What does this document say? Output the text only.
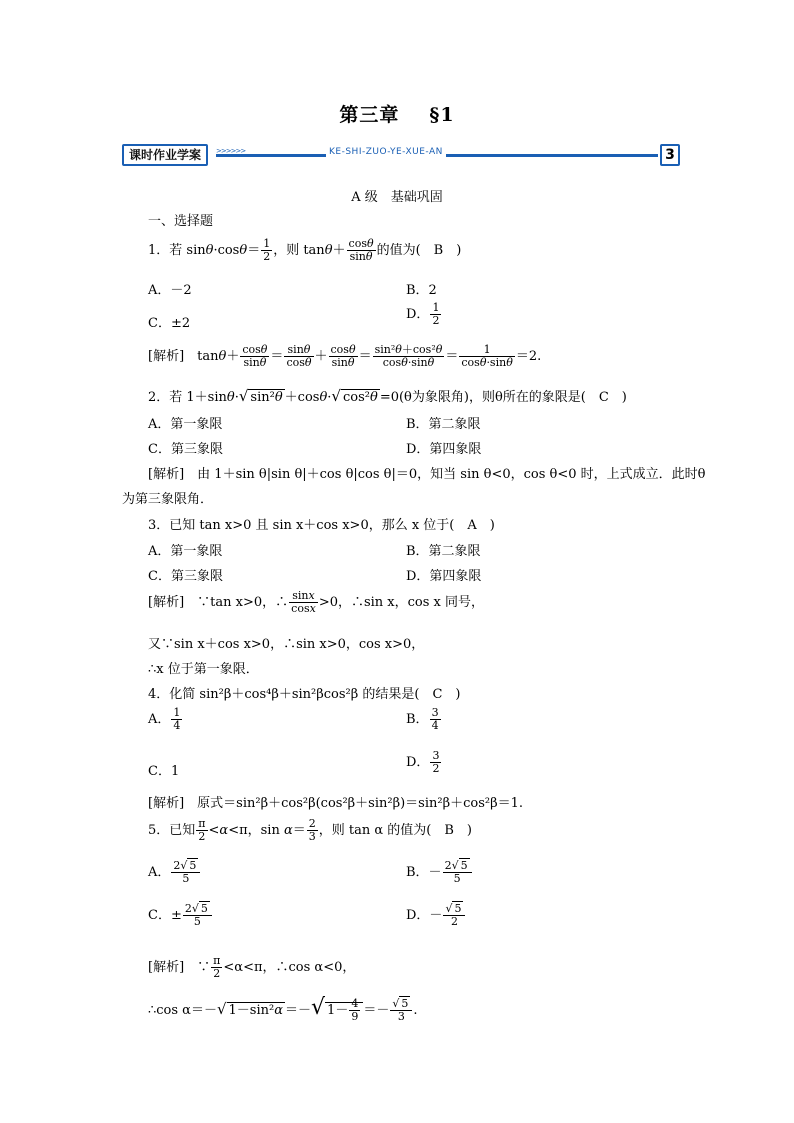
第三章 §1
课时作业学案	>>>>>>	KE-SHI-ZUO-YE-XUE-AN	3
A 级　基础巩固
一、选择题
1．若 $\sin\theta\cdot\cos\theta= \frac{1}{2}$ ，则 $\tan\theta+ \frac{\cos\theta}{\sin\theta}$ 的值为(　B　)
A．－2	B．2
C．±2
D． $\frac{1}{2}$
[解析]　$\tan\theta+ \frac{\cos\theta}{\sin\theta} = \frac{\sin\theta}{\cos\theta} + \frac{\cos\theta}{\sin\theta} = \frac{\text{sin²θ＋cos²θ}}{\cos\theta\cdot\sin\theta} = \frac{1}{\cos\theta\cdot\sin\theta} =2$.
2．若 1＋sinθ·√ sin²θ ＋cosθ·√ cos²θ =0(θ为象限角)，则θ所在的象限是(　C　)
A．第一象限	B．第二象限
C．第三象限	D．第四象限
[解析]　 由 1＋sin θ|sin θ|＋cos θ|cos θ|＝0，知当 sin θ<0，cos θ<0 时，上式成立．此时θ
为第三象限角．
3．已知 tan x>0 且 sin x＋cos x>0，那么 x 位于(　A　)
A．第一象限	B．第二象限
C．第三象限	D．第四象限
[解析]　 ∵tan x>0，∴ $\frac{\sin x}{\cos x} >0$，∴sin x，cos x 同号，
又∵sin x＋cos x>0，∴sin x>0，cos x>0，
∴x 位于第一象限．
4．化简 sin²β＋cos⁴β＋sin²βcos²β 的结果是(　C　)
A． $\frac{1}{4}$	B． $\frac{3}{4}$
C．1
D． $\frac{3}{2}$
[解析]　 原式＝sin²β＋cos²β(cos²β＋sin²β)＝sin²β＋cos²β＝1.
5．已知 $\frac{\pi}{2} <\alpha<\pi$，$\sin \alpha= \frac{2}{3}$ ，则 tan α 的值为(　B　)
A． $\frac{2√ 5}{5}$	B．－ $\frac{2√ 5}{5}$
C．± $\frac{2√ 5}{5}$	D．－ $\frac{√ 5}{2}$
[解析]　∵ $\frac{\pi}{2} <\alpha<\pi$，∴cos α<0，
∴cos α＝－√ 1－sin²α ＝－√ $1- \frac{4}{9} =- \frac{√ 5}{3}$ .
